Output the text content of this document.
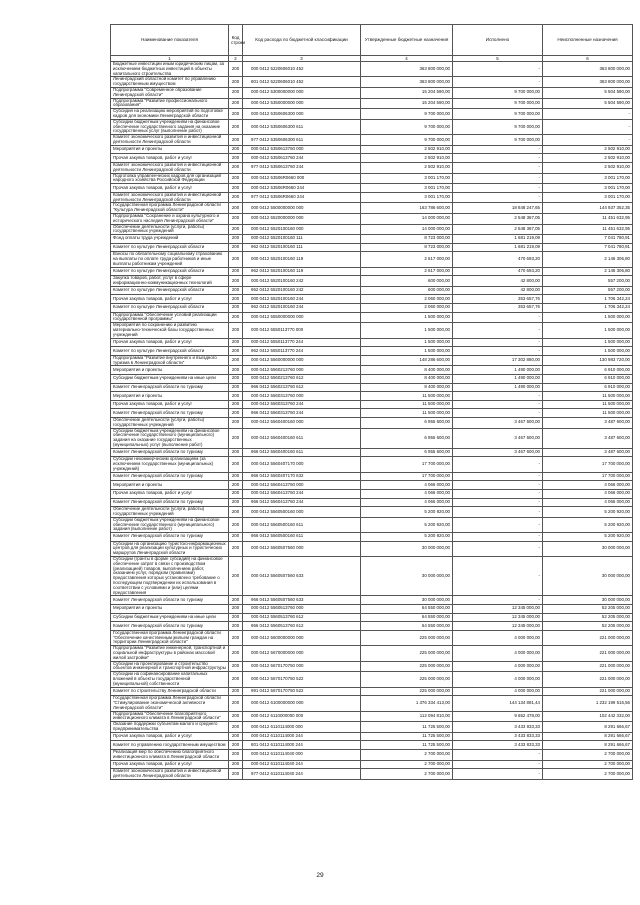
Наименование показателя	Код строки	Код расхода по бюджетной классификации	Утвержденные бюджетные назначения	Исполнено	Неисполненные назначения
1	2	3	4	5	6
Бюджетные инвестиции иным юридическим лицам, за исключением бюджетных инвестиций в объекты капитального строительства	200	000 0412 5220606010 452	363 800 000,00	-	363 800 000,00
Ленинградский областной комитет по управлению государственным имуществом	200	801 0412 5220606010 452	363 800 000,00	-	363 800 000,00
Подпрограмма "Современное образование Ленинградской области"	200	000 0412 5300000000 000	15 204 590,00	9 700 000,00	5 504 590,00
Подпрограмма "Развитие профессионального образования"	200	000 0412 5350000000 000	15 204 590,00	9 700 000,00	5 504 590,00
Субсидия на реализацию мероприятий по подготовке кадров для экономики Ленинградской области	200	000 0412 5350606300 000	9 700 000,00	9 700 000,00	-
Субсидии бюджетным учреждениям на финансовое обеспечение государственного задания на оказание государственных услуг (выполнение работ)	200	000 0412 5350606300 611	9 700 000,00	9 700 000,00	-
Комитет экономического развития и инвестиционной деятельности Ленинградской области	200	977 0412 5350606300 611	9 700 000,00	9 700 000,00	-
Мероприятия и проекты	200	000 0412 5350613760 000	2 502 910,00	-	2 502 910,00
Прочая закупка товаров, работ и услуг	200	000 0412 5350613760 244	2 502 910,00	-	2 502 910,00
Комитет экономического развития и инвестиционной деятельности Ленинградской области	200	977 0412 5350613760 244	2 502 910,00	-	2 502 910,00
Подготовка управленческих кадров для организаций народного хозяйства Российской Федерации	200	000 0412 53506R0660 000	3 001 170,00	-	3 001 170,00
Прочая закупка товаров, работ и услуг	200	000 0412 53506R0660 244	3 001 170,00	-	3 001 170,00
Комитет экономического развития и инвестиционной деятельности Ленинградской области	200	977 0412 53506R0660 244	3 001 170,00	-	3 001 170,00
Государственная программа Ленинградской области "Культура Ленинградской области"	200	000 0412 5500000000 000	163 786 600,00	18 848 247,65	144 937 352,35
Подпрограмма "Сохранение и охрана культурного и исторического наследия Ленинградской области"	200	000 0412 5520000000 000	14 000 000,00	2 548 367,05	11 451 632,95
Обеспечение деятельности (услуги, работы) государственных учреждений	200	000 0412 5520100160 000	14 000 000,00	2 548 367,05	11 451 632,95
Фонд оплаты труда учреждений	200	000 0412 5520100160 111	8 723 000,00	1 681 219,09	7 041 780,91
Комитет по культуре Ленинградской области	200	962 0412 5520100160 111	8 723 000,00	1 681 219,09	7 041 780,91
Взносы по обязательному социальному страхованию на выплаты по оплате труда работников и иные выплаты работникам учреждений	200	000 0412 5520100160 119	2 617 000,00	470 693,20	2 146 306,80
Комитет по культуре Ленинградской области	200	962 0412 5520100160 119	2 617 000,00	470 693,20	2 146 306,80
Закупка товаров, работ, услуг в сфере информационно-коммуникационных технологий	200	000 0412 5520100160 242	600 000,00	42 800,00	557 200,00
Комитет по культуре Ленинградской области	200	962 0412 5520100160 242	600 000,00	42 800,00	557 200,00
Прочая закупка товаров, работ и услуг	200	000 0412 5520100160 244	2 060 000,00	353 657,76	1 706 342,24
Комитет по культуре Ленинградской области	200	962 0412 5520100160 244	2 060 000,00	353 657,76	1 706 342,24
Подпрограмма "Обеспечение условий реализации государственной программы"	200	000 0412 5550000000 000	1 500 000,00	-	1 500 000,00
Мероприятия по сохранению и развитию материально-технической базы государственных учреждений	200	000 0412 5550113770 000	1 500 000,00	-	1 500 000,00
Прочая закупка товаров, работ и услуг	200	000 0412 5550113770 244	1 500 000,00	-	1 500 000,00
Комитет по культуре Ленинградской области	200	962 0412 5550113770 244	1 500 000,00	-	1 500 000,00
Подпрограмма "Развитие внутреннего и въездного туризма в Ленинградской области"	200	000 0412 5560000000 000	148 286 600,00	17 302 880,00	130 983 720,00
Мероприятия и проекты	200	000 0412 5560213760 000	8 400 000,00	1 490 000,00	6 910 000,00
Субсидии бюджетным учреждениям на иные цели	200	000 0412 5560213760 612	8 400 000,00	1 490 000,00	6 910 000,00
Комитет Ленинградской области по туризму	200	966 0412 5560213760 612	8 400 000,00	1 490 000,00	6 910 000,00
Мероприятия и проекты	200	000 0412 5560313760 000	11 500 000,00	-	11 500 000,00
Прочая закупка товаров, работ и услуг	200	000 0412 5560313760 244	11 500 000,00	-	11 500 000,00
Комитет Ленинградской области по туризму	200	966 0412 5560313760 244	11 500 000,00	-	11 500 000,00
Обеспечение деятельности (услуги, работы) государственных учреждений	200	000 0412 5560400160 000	6 955 600,00	3 467 600,00	3 487 600,00
Субсидии бюджетным учреждениям на финансовое обеспечение государственного (муниципального) задания на оказание государственных (муниципальных) услуг (выполнение работ)	200	000 0412 5560400160 611	6 955 600,00	3 467 600,00	3 487 600,00
Комитет Ленинградской области по туризму	200	966 0412 5560400160 611	6 955 600,00	3 467 600,00	3 487 600,00
Субсидии некоммерческим организациям (за исключением государственных (муниципальных) учреждений)	200	000 0412 5560407170 000	17 700 000,00	-	17 700 000,00
Комитет Ленинградской области по туризму	200	966 0412 5560407170 632	17 700 000,00	-	17 700 000,00
Мероприятия и проекты	200	000 0412 5560413760 000	4 066 000,00	-	4 066 000,00
Прочая закупка товаров, работ и услуг	200	000 0412 5560413760 244	4 066 000,00	-	4 066 000,00
Комитет Ленинградской области по туризму	200	966 0412 5560413760 244	4 066 000,00	-	4 066 000,00
Обеспечение деятельности (услуги, работы) государственных учреждений	200	000 0412 5560500160 000	5 200 920,00	-	5 200 920,00
Субсидии бюджетным учреждениям на финансовое обеспечение государственного (муниципального) задания (выполнение работ)	200	000 0412 5560500160 611	5 200 920,00	-	5 200 920,00
Комитет Ленинградской области по туризму	200	966 0412 5560500160 611	5 200 920,00	-	5 200 920,00
Субсидии на организацию туристско-информационных центров для реализации культурных и туристических маршрутов Ленинградской области	200	000 0412 5560507560 000	30 000 000,00	-	30 000 000,00
Субсидии (гранты в форме субсидий) на финансовое обеспечение затрат в связи с производством (реализацией) товаров, выполнением работ, оказанием услуг, порядком (правилами) предоставления которых установлено требование о последующем подтверждении их использования в соответствии с условиями и (или) целями предоставления	200	000 0412 5560507560 633	30 000 000,00	-	30 000 000,00
Комитет Ленинградской области по туризму	200	966 0412 5560507560 633	30 000 000,00	-	30 000 000,00
Мероприятия и проекты	200	000 0412 5560513760 000	64 550 000,00	12 345 000,00	52 205 000,00
Субсидии бюджетным учреждениям на иные цели	200	000 0412 5560513760 612	64 550 000,00	12 345 000,00	52 205 000,00
Комитет Ленинградской области по туризму	200	966 0412 5560513760 612	64 550 000,00	12 345 000,00	52 205 000,00
Государственная программа Ленинградской области "Обеспечение качественным жильем граждан на территории Ленинградской области"	200	000 0412 5600000000 000	225 000 000,00	4 000 000,00	221 000 000,00
Подпрограмма "Развитие инженерной, транспортной и социальной инфраструктуры в районах массовой жилой застройки"	200	000 0412 5670000000 000	225 000 000,00	4 000 000,00	221 000 000,00
Субсидии на проектирование и строительство объектов инженерной и транспортной инфраструктуры	200	000 0412 5670170750 000	225 000 000,00	4 000 000,00	221 000 000,00
Субсидии на софинансирование капитальных вложений в объекты государственной (муниципальной) собственности	200	000 0412 5670170750 522	225 000 000,00	4 000 000,00	221 000 000,00
Комитет по строительству Ленинградской области	200	991 0412 5670170750 522	225 000 000,00	4 000 000,00	221 000 000,00
Государственная программа Ленинградской области "Стимулирование экономической активности Ленинградской области"	200	000 0412 6100000000 000	1 376 334 413,00	144 134 891,44	1 232 199 516,56
Подпрограмма "Обеспечение благоприятного инвестиционного климата в Ленинградской области"	200	000 0412 6110000000 000	112 094 810,00	9 652 478,00	102 442 332,00
Оказание поддержки субъектам малого и среднего предпринимательства	200	000 0412 6110114000 000	11 725 500,00	3 433 833,33	8 291 666,67
Прочая закупка товаров, работ и услуг	200	000 0412 6110114000 244	11 725 500,00	3 433 833,33	8 291 666,67
Комитет по управлению государственным имуществом	200	801 0412 6110114000 244	11 725 500,00	3 433 833,33	8 291 666,67
Реализация мер по обеспечению благоприятного инвестиционного климата в Ленинградской области	200	000 0412 6110114040 000	2 700 000,00	-	2 700 000,00
Прочая закупка товаров, работ и услуг	200	000 0412 6110114040 244	2 700 000,00	-	2 700 000,00
Комитет экономического развития и инвестиционной деятельности Ленинградской области	200	977 0412 6110114040 244	2 700 000,00	-	2 700 000,00
29
